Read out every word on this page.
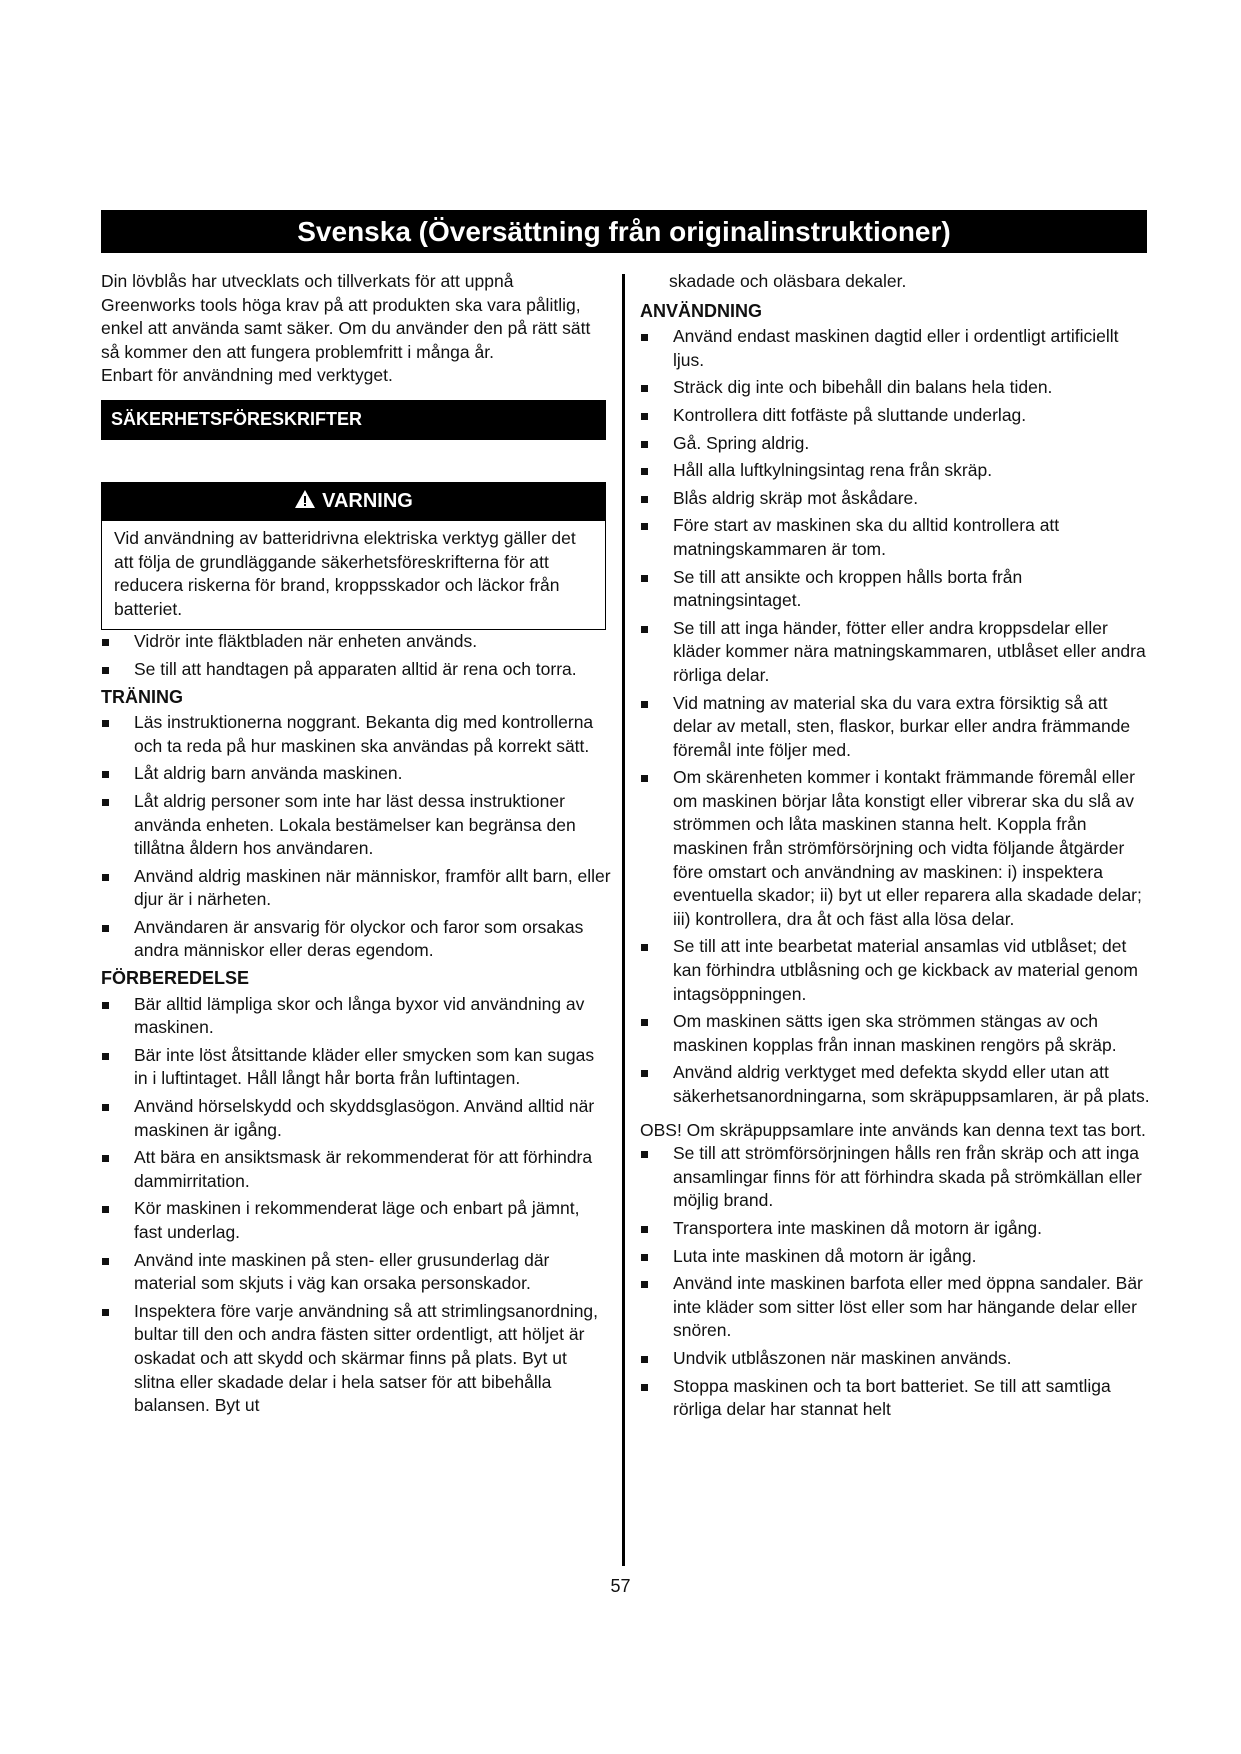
Svenska (Översättning från originalinstruktioner)

Din lövblås har utvecklats och tillverkats för att uppnå Greenworks tools höga krav på att produkten ska vara pålitlig, enkel att använda samt säker. Om du använder den på rätt sätt så kommer den att fungera problemfritt i många år.

Enbart för användning med verktyget.

SÄKERHETSFÖRESKRIFTER
VARNING
Vid användning av batteridrivna elektriska verktyg gäller det att följa de grundläggande säkerhetsföreskrifterna för att reducera riskerna för brand, kroppsskador och läckor från batteriet.
Vidrör inte fläktbladen när enheten används.
Se till att handtagen på apparaten alltid är rena och torra.
TRÄNING
Läs instruktionerna noggrant. Bekanta dig med kontrollerna och ta reda på hur maskinen ska användas på korrekt sätt.
Låt aldrig barn använda maskinen.
Låt aldrig personer som inte har läst dessa instruktioner använda enheten. Lokala bestämelser kan begränsa den tillåtna åldern hos användaren.
Använd aldrig maskinen när människor, framför allt barn, eller djur är i närheten.
Användaren är ansvarig för olyckor och faror som orsakas andra människor eller deras egendom.
FÖRBEREDELSE
Bär alltid lämpliga skor och långa byxor vid användning av maskinen.
Bär inte löst åtsittande kläder eller smycken som kan sugas in i luftintaget. Håll långt hår borta från luftintagen.
Använd hörselskydd och skyddsglasögon. Använd alltid när maskinen är igång.
Att bära en ansiktsmask är rekommenderat för att förhindra dammirritation.
Kör maskinen i rekommenderat läge och enbart på jämnt, fast underlag.
Använd inte maskinen på sten- eller grusunderlag där material som skjuts i väg kan orsaka personskador.
Inspektera före varje användning så att strimlingsanordning, bultar till den och andra fästen sitter ordentligt, att höljet är oskadat och att skydd och skärmar finns på plats. Byt ut slitna eller skadade delar i hela satser för att bibehålla balansen. Byt ut

skadade och oläsbara dekaler.

ANVÄNDNING
Använd endast maskinen dagtid eller i ordentligt artificiellt ljus.
Sträck dig inte och bibehåll din balans hela tiden.
Kontrollera ditt fotfäste på sluttande underlag.
Gå. Spring aldrig.
Håll alla luftkylningsintag rena från skräp.
Blås aldrig skräp mot åskådare.
Före start av maskinen ska du alltid kontrollera att matningskammaren är tom.
Se till att ansikte och kroppen hålls borta från matningsintaget.
Se till att inga händer, fötter eller andra kroppsdelar eller kläder kommer nära matningskammaren, utblåset eller andra rörliga delar.
Vid matning av material ska du vara extra försiktig så att delar av metall, sten, flaskor, burkar eller andra främmande föremål inte följer med.
Om skärenheten kommer i kontakt främmande föremål eller om maskinen börjar låta konstigt eller vibrerar ska du slå av strömmen och låta maskinen stanna helt. Koppla från maskinen från strömförsörjning och vidta följande åtgärder före omstart och användning av maskinen: i) inspektera eventuella skador; ii) byt ut eller reparera alla skadade delar; iii) kontrollera, dra åt och fäst alla lösa delar.
Se till att inte bearbetat material ansamlas vid utblåset; det kan förhindra utblåsning och ge kickback av material genom intagsöppningen.
Om maskinen sätts igen ska strömmen stängas av och maskinen kopplas från innan maskinen rengörs på skräp.
Använd aldrig verktyget med defekta skydd eller utan att säkerhetsanordningarna, som skräpuppsamlaren, är på plats.

OBS! Om skräpuppsamlare inte används kan denna text tas bort.

Se till att strömförsörjningen hålls ren från skräp och att inga ansamlingar finns för att förhindra skada på strömkällan eller möjlig brand.
Transportera inte maskinen då motorn är igång.
Luta inte maskinen då motorn är igång.
Använd inte maskinen barfota eller med öppna sandaler. Bär inte kläder som sitter löst eller som har hängande delar eller snören.
Undvik utblåszonen när maskinen används.
Stoppa maskinen och ta bort batteriet. Se till att samtliga rörliga delar har stannat helt
57
